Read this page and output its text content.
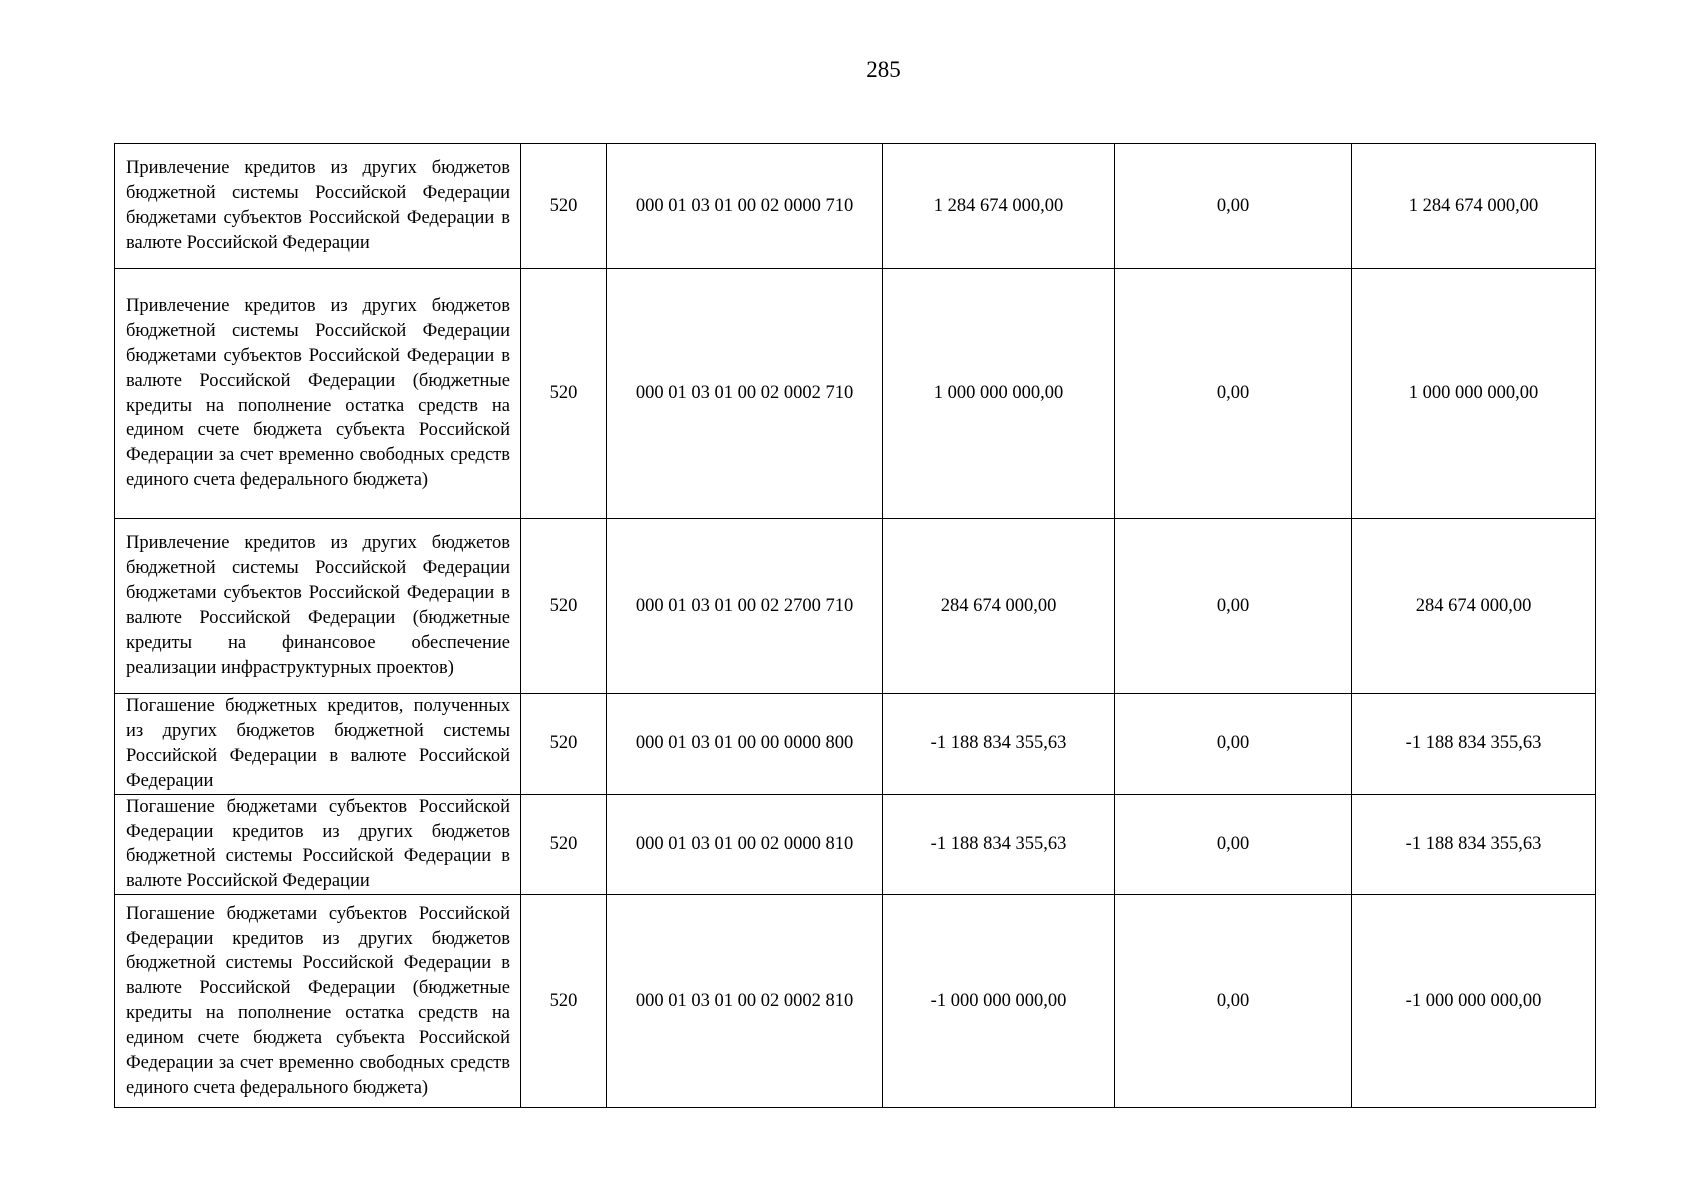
285
Привлечение кредитов из других бюджетов бюджетной системы Российской Федерации бюджетами субъектов Российской Федерации в валюте Российской Федерации	520	000 01 03 01 00 02 0000 710	1 284 674 000,00	0,00	1 284 674 000,00
Привлечение кредитов из других бюджетов бюджетной системы Российской Федерации бюджетами субъектов Российской Федерации в валюте Российской Федерации (бюджетные кредиты на пополнение остатка средств на едином счете бюджета субъекта Российской Федерации за счет временно свободных средств единого счета федерального бюджета)	520	000 01 03 01 00 02 0002 710	1 000 000 000,00	0,00	1 000 000 000,00
Привлечение кредитов из других бюджетов бюджетной системы Российской Федерации бюджетами субъектов Российской Федерации в валюте Российской Федерации (бюджетные кредиты на финансовое обеспечение реализации инфраструктурных проектов)	520	000 01 03 01 00 02 2700 710	284 674 000,00	0,00	284 674 000,00
Погашение бюджетных кредитов, полученных из других бюджетов бюджетной системы Российской Федерации в валюте Российской Федерации	520	000 01 03 01 00 00 0000 800	-1 188 834 355,63	0,00	-1 188 834 355,63
Погашение бюджетами субъектов Российской Федерации кредитов из других бюджетов бюджетной системы Российской Федерации в валюте Российской Федерации	520	000 01 03 01 00 02 0000 810	-1 188 834 355,63	0,00	-1 188 834 355,63
Погашение бюджетами субъектов Российской Федерации кредитов из других бюджетов бюджетной системы Российской Федерации в валюте Российской Федерации (бюджетные кредиты на пополнение остатка средств на едином счете бюджета субъекта Российской Федерации за счет временно свободных средств единого счета федерального бюджета)	520	000 01 03 01 00 02 0002 810	-1 000 000 000,00	0,00	-1 000 000 000,00
